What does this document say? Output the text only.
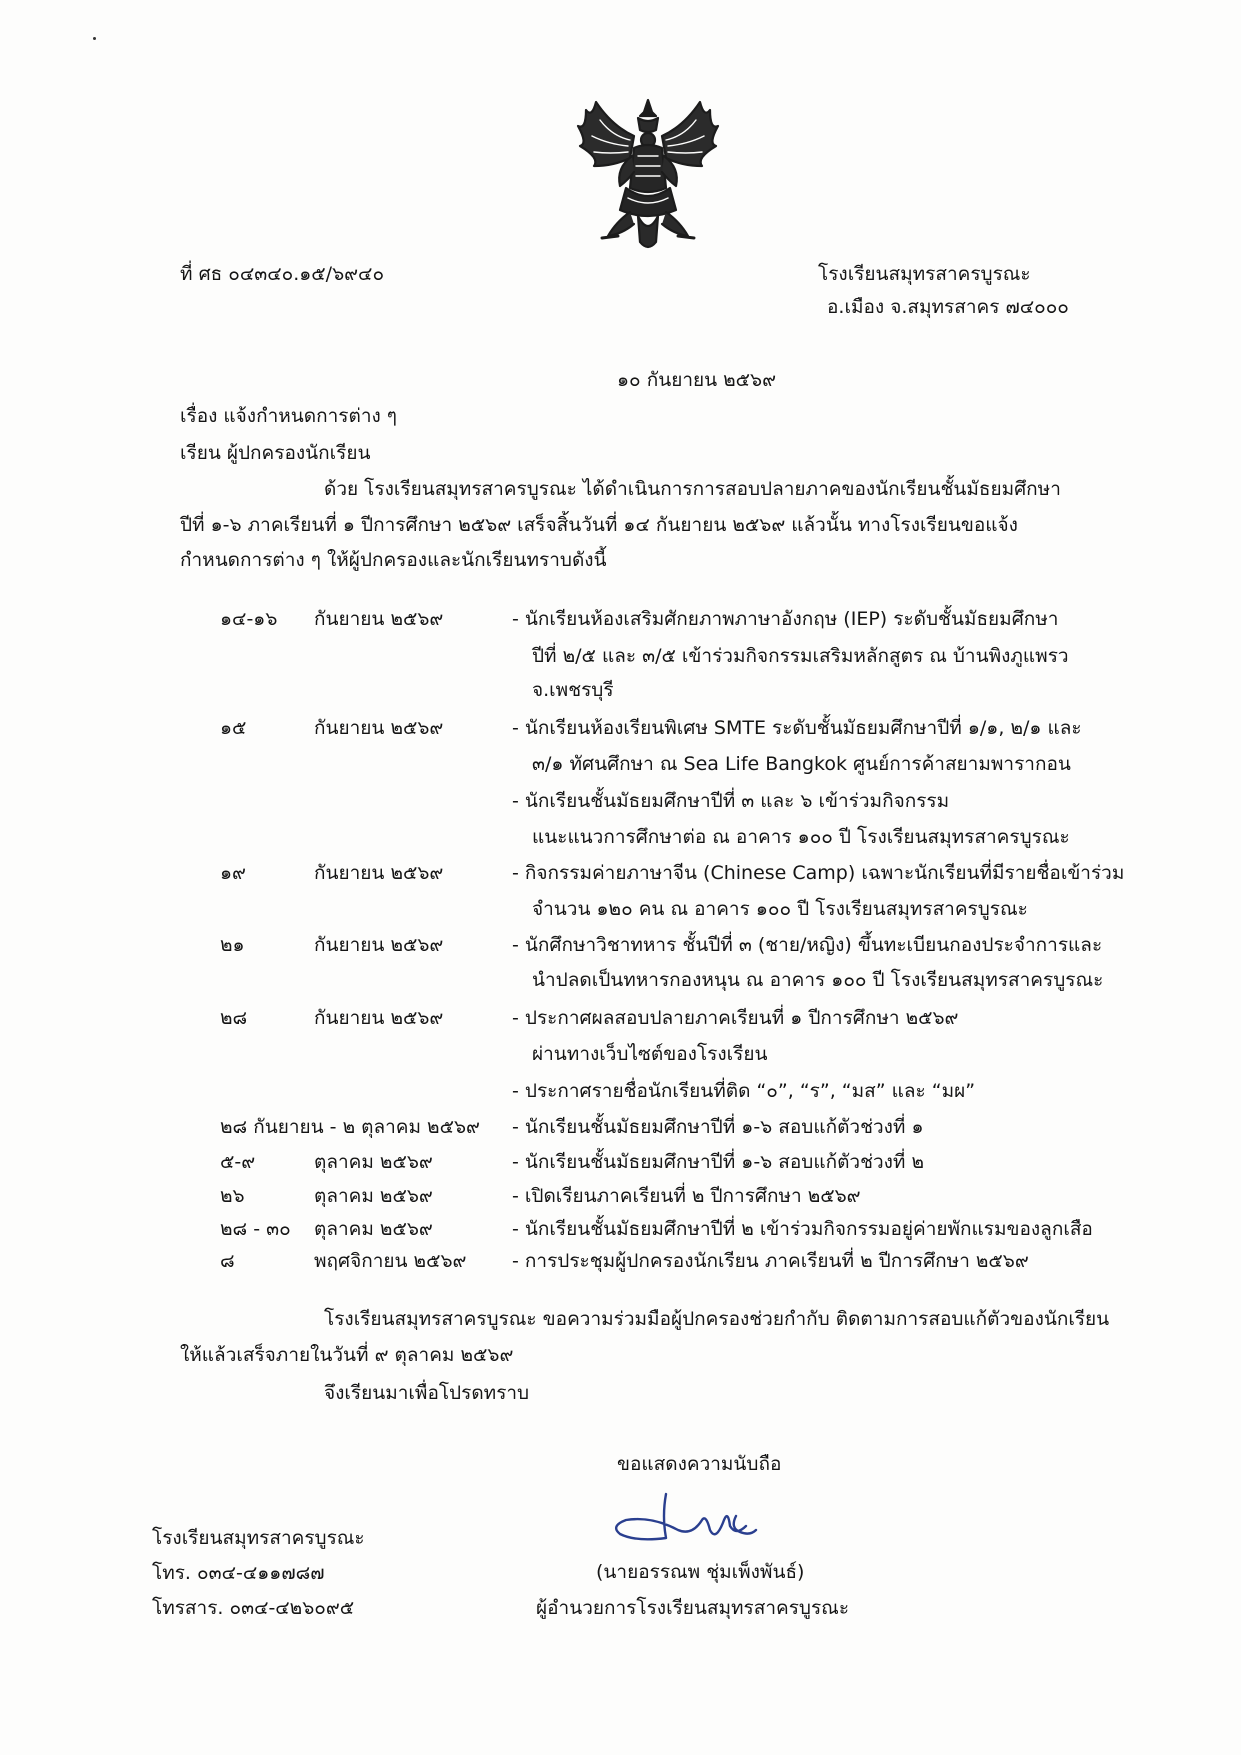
ที่ ศธ ๐๔๓๔๐.๑๕/๖๙๔๐	โรงเรียนสมุทรสาครบูรณะ
อ.เมือง จ.สมุทรสาคร ๗๔๐๐๐
๑๐ กันยายน ๒๕๖๙
เรื่อง แจ้งกำหนดการต่าง ๆ
เรียน ผู้ปกครองนักเรียน
ด้วย โรงเรียนสมุทรสาครบูรณะ ได้ดำเนินการการสอบปลายภาคของนักเรียนชั้นมัธยมศึกษา
ปีที่ ๑-๖ ภาคเรียนที่ ๑ ปีการศึกษา ๒๕๖๙ เสร็จสิ้นวันที่ ๑๔ กันยายน ๒๕๖๙ แล้วนั้น ทางโรงเรียนขอแจ้ง
กำหนดการต่าง ๆ ให้ผู้ปกครองและนักเรียนทราบดังนี้
๑๔-๑๖ กันยายน ๒๕๖๙	- นักเรียนห้องเสริมศักยภาพภาษาอังกฤษ (IEP) ระดับชั้นมัธยมศึกษา
ปีที่ ๒/๕ และ ๓/๕ เข้าร่วมกิจกรรมเสริมหลักสูตร ณ บ้านพิงภูแพรว
จ.เพชรบุรี
๑๕	กันยายน ๒๕๖๙	- นักเรียนห้องเรียนพิเศษ SMTE ระดับชั้นมัธยมศึกษาปีที่ ๑/๑, ๒/๑ และ
๓/๑ ทัศนศึกษา ณ Sea Life Bangkok ศูนย์การค้าสยามพารากอน
- นักเรียนชั้นมัธยมศึกษาปีที่ ๓ และ ๖ เข้าร่วมกิจกรรม
แนะแนวการศึกษาต่อ ณ อาคาร ๑๐๐ ปี โรงเรียนสมุทรสาครบูรณะ
๑๙	กันยายน ๒๕๖๙	- กิจกรรมค่ายภาษาจีน (Chinese Camp) เฉพาะนักเรียนที่มีรายชื่อเข้าร่วม
จำนวน ๑๒๐ คน ณ อาคาร ๑๐๐ ปี โรงเรียนสมุทรสาครบูรณะ
๒๑	กันยายน ๒๕๖๙	- นักศึกษาวิชาทหาร ชั้นปีที่ ๓ (ชาย/หญิง) ขึ้นทะเบียนกองประจำการและ
นำปลดเป็นทหารกองหนุน ณ อาคาร ๑๐๐ ปี โรงเรียนสมุทรสาครบูรณะ
๒๘	กันยายน ๒๕๖๙	- ประกาศผลสอบปลายภาคเรียนที่ ๑ ปีการศึกษา ๒๕๖๙
ผ่านทางเว็บไซต์ของโรงเรียน
- ประกาศรายชื่อนักเรียนที่ติด “๐”, “ร”, “มส” และ “มผ”
๒๘ กันยายน - ๒ ตุลาคม ๒๕๖๙ - นักเรียนชั้นมัธยมศึกษาปีที่ ๑-๖ สอบแก้ตัวช่วงที่ ๑
๕-๙	ตุลาคม ๒๕๖๙	- นักเรียนชั้นมัธยมศึกษาปีที่ ๑-๖ สอบแก้ตัวช่วงที่ ๒
๒๖	ตุลาคม ๒๕๖๙	- เปิดเรียนภาคเรียนที่ ๒ ปีการศึกษา ๒๕๖๙
๒๘ - ๓๐ ตุลาคม ๒๕๖๙	- นักเรียนชั้นมัธยมศึกษาปีที่ ๒ เข้าร่วมกิจกรรมอยู่ค่ายพักแรมของลูกเสือ
๘	พฤศจิกายน ๒๕๖๙ - การประชุมผู้ปกครองนักเรียน ภาคเรียนที่ ๒ ปีการศึกษา ๒๕๖๙
โรงเรียนสมุทรสาครบูรณะ ขอความร่วมมือผู้ปกครองช่วยกำกับ ติดตามการสอบแก้ตัวของนักเรียน
ให้แล้วเสร็จภายในวันที่ ๙ ตุลาคม ๒๕๖๙
จึงเรียนมาเพื่อโปรดทราบ
ขอแสดงความนับถือ
(นายอรรณพ ชุ่มเพ็งพันธ์)
ผู้อำนวยการโรงเรียนสมุทรสาครบูรณะ
โรงเรียนสมุทรสาครบูรณะ
โทร. ๐๓๔-๔๑๑๗๘๗
โทรสาร. ๐๓๔-๔๒๖๐๙๕
